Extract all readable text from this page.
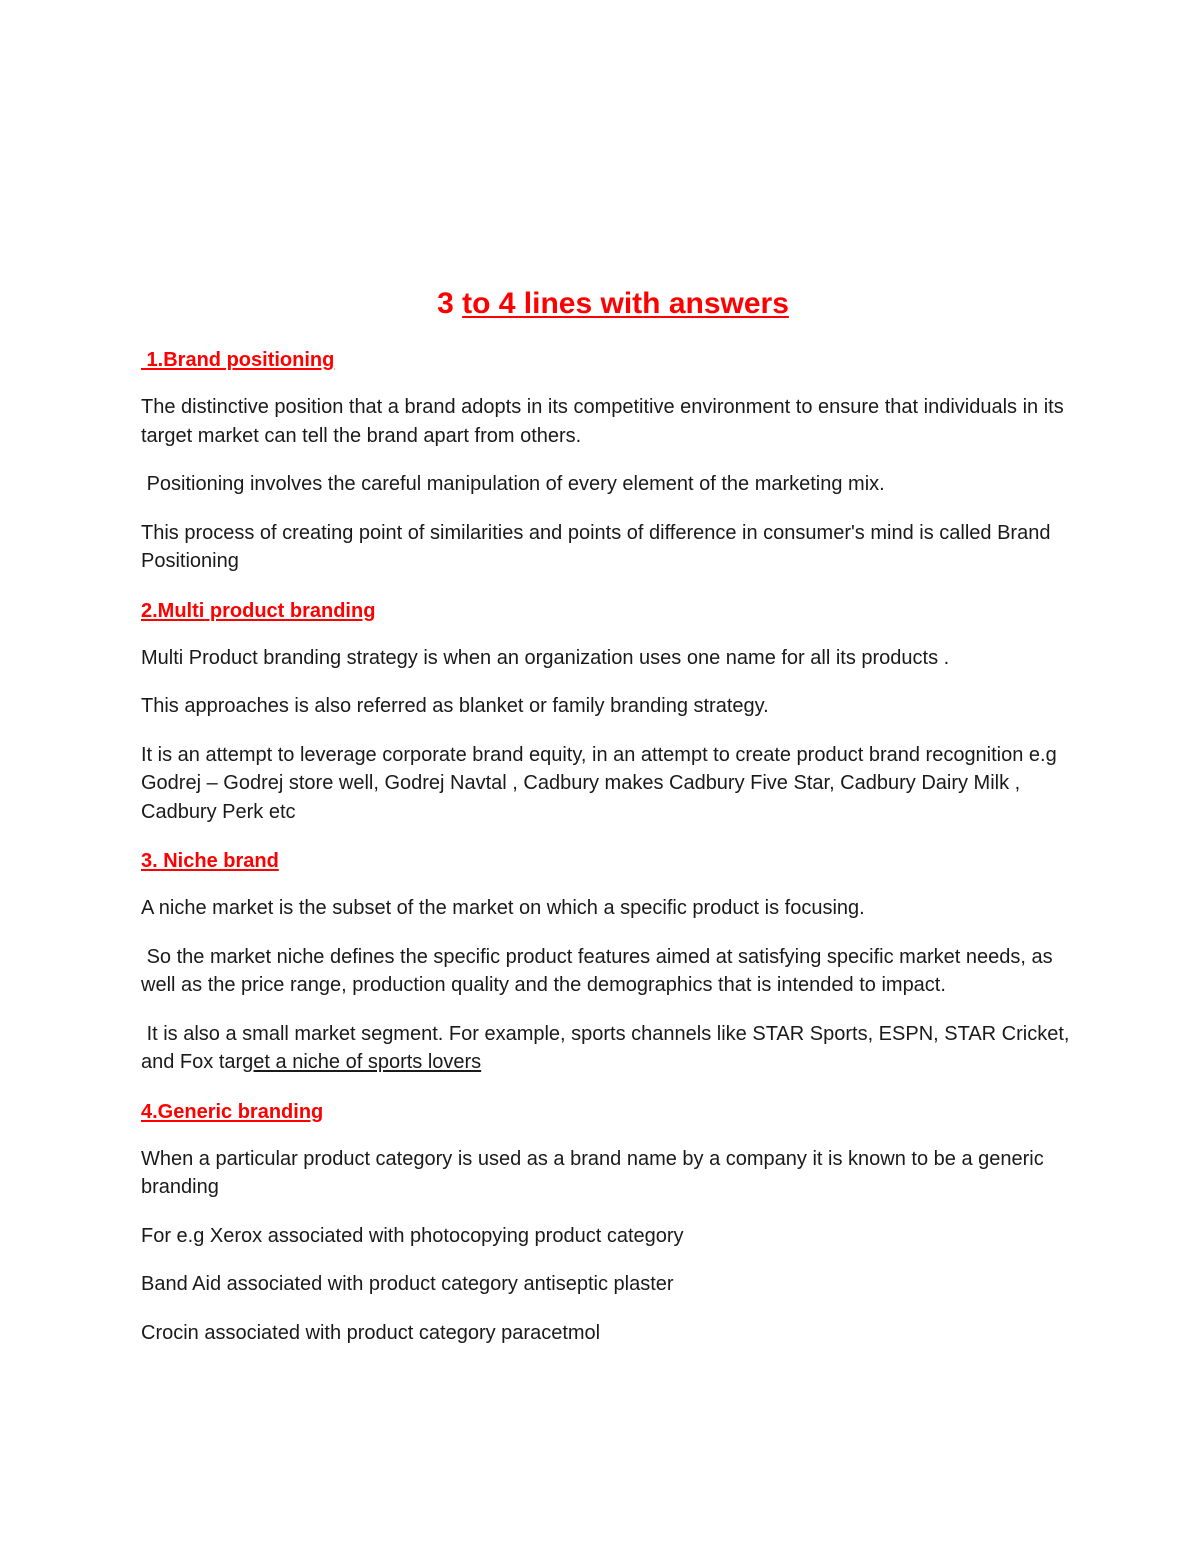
3 to 4 lines with answers
1.Brand positioning

The distinctive position that a brand adopts in its competitive environment to ensure that individuals in its target market can tell the brand apart from others.

Positioning involves the careful manipulation of every element of the marketing mix.

This process of creating point of similarities and points of difference in consumer's mind is called Brand Positioning

2.Multi product branding

Multi Product branding strategy is when an organization uses one name for all its products .

This approaches is also referred as blanket or family branding strategy.

It is an attempt to leverage corporate brand equity, in an attempt to create product brand recognition e.g Godrej – Godrej store well, Godrej Navtal , Cadbury makes Cadbury Five Star, Cadbury Dairy Milk , Cadbury Perk etc

3. Niche brand

A niche market is the subset of the market on which a specific product is focusing.

So the market niche defines the specific product features aimed at satisfying specific market needs, as well as the price range, production quality and the demographics that is intended to impact.

It is also a small market segment. For example, sports channels like STAR Sports, ESPN, STAR Cricket, and Fox target a niche of sports lovers

4.Generic branding

When a particular product category is used as a brand name by a company it is known to be a generic branding

For e.g Xerox associated with photocopying product category

Band Aid associated with product category antiseptic plaster

Crocin associated with product category paracetmol
